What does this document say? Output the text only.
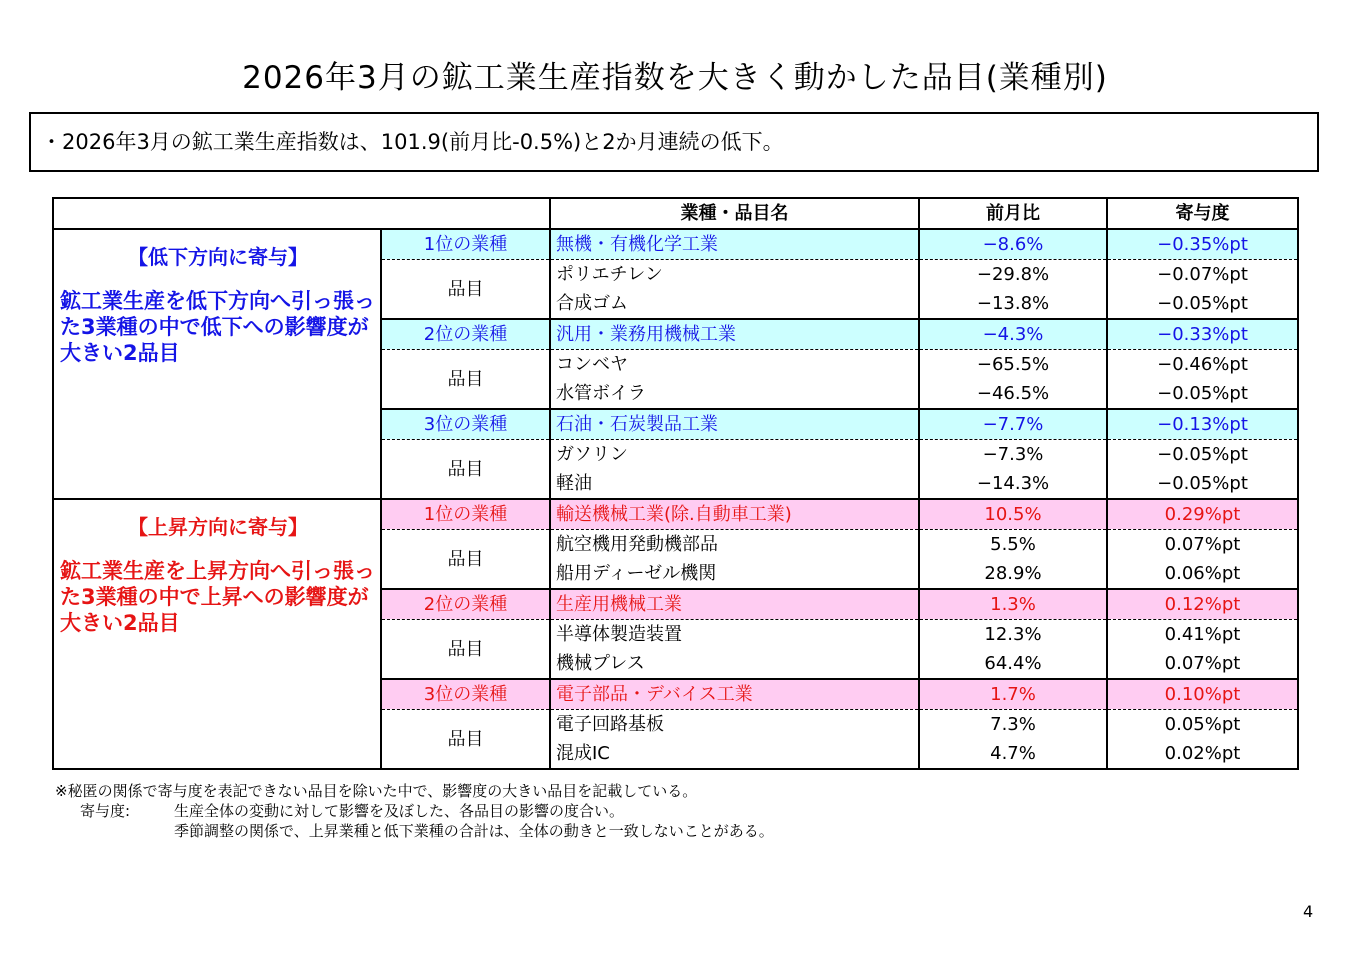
2026年3月の鉱工業生産指数を大きく動かした品目(業種別)
・2026年3月の鉱工業生産指数は、101.9(前月比-0.5%)と2か月連続の低下。
		業種・品目名	前月比	寄与度

【低下方向に寄与】
鉱工業生産を低下方向へ引っ張った3業種の中で低下への影響度が大きい2品目	1位の業種	無機・有機化学工業	−8.6%	−0.35%pt
	品目	ポリエチレン	−29.8%	−0.07%pt
		合成ゴム	−13.8%	−0.05%pt
	2位の業種	汎用・業務用機械工業	−4.3%	−0.33%pt
	品目	コンベヤ	−65.5%	−0.46%pt
		水管ボイラ	−46.5%	−0.05%pt
	3位の業種	石油・石炭製品工業	−7.7%	−0.13%pt
	品目	ガソリン	−7.3%	−0.05%pt
		軽油	−14.3%	−0.05%pt

【上昇方向に寄与】
鉱工業生産を上昇方向へ引っ張った3業種の中で上昇への影響度が大きい2品目	1位の業種	輸送機械工業(除.自動車工業)	10.5%	0.29%pt
	品目	航空機用発動機部品	5.5%	0.07%pt
		船用ディーゼル機関	28.9%	0.06%pt
	2位の業種	生産用機械工業	1.3%	0.12%pt
	品目	半導体製造装置	12.3%	0.41%pt
		機械プレス	64.4%	0.07%pt
	3位の業種	電子部品・デバイス工業	1.7%	0.10%pt
	品目	電子回路基板	7.3%	0.05%pt
		混成IC	4.7%	0.02%pt
※秘匿の関係で寄与度を表記できない品目を除いた中で、影響度の大きい品目を記載している。
寄与度:	生産全体の変動に対して影響を及ぼした、各品目の影響の度合い。
季節調整の関係で、上昇業種と低下業種の合計は、全体の動きと一致しないことがある。
4
